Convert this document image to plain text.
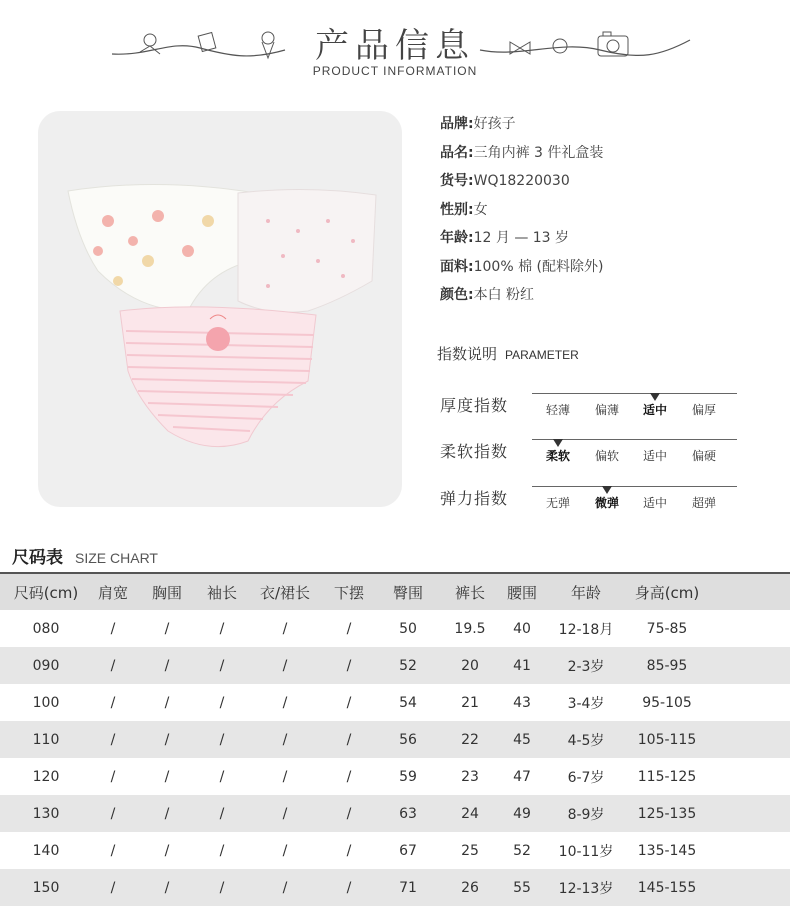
产品信息
PRODUCT INFORMATION
品牌:好孩子
品名:三角内裤 3 件礼盒装
货号:WQ18220030
性别:女
年龄:12 月 — 13 岁
面料:100% 棉 (配料除外)
颜色:本白 粉红
指数说明 PARAMETER
厚度指数	轻薄	偏薄	适中	偏厚
柔软指数	柔软	偏软	适中	偏硬
弹力指数	无弹	微弹	适中	超弹
尺码表 SIZE CHART
尺码(cm)	肩宽	胸围	袖长	衣/裙长	下摆	臀围	裤长	腰围	年龄	身高(cm)
080	/	/	/	/	/	50	19.5	40	12-18月	75-85
090	/	/	/	/	/	52	20	41	2-3岁	85-95
100	/	/	/	/	/	54	21	43	3-4岁	95-105
110	/	/	/	/	/	56	22	45	4-5岁	105-115
120	/	/	/	/	/	59	23	47	6-7岁	115-125
130	/	/	/	/	/	63	24	49	8-9岁	125-135
140	/	/	/	/	/	67	25	52	10-11岁	135-145
150	/	/	/	/	/	71	26	55	12-13岁	145-155
